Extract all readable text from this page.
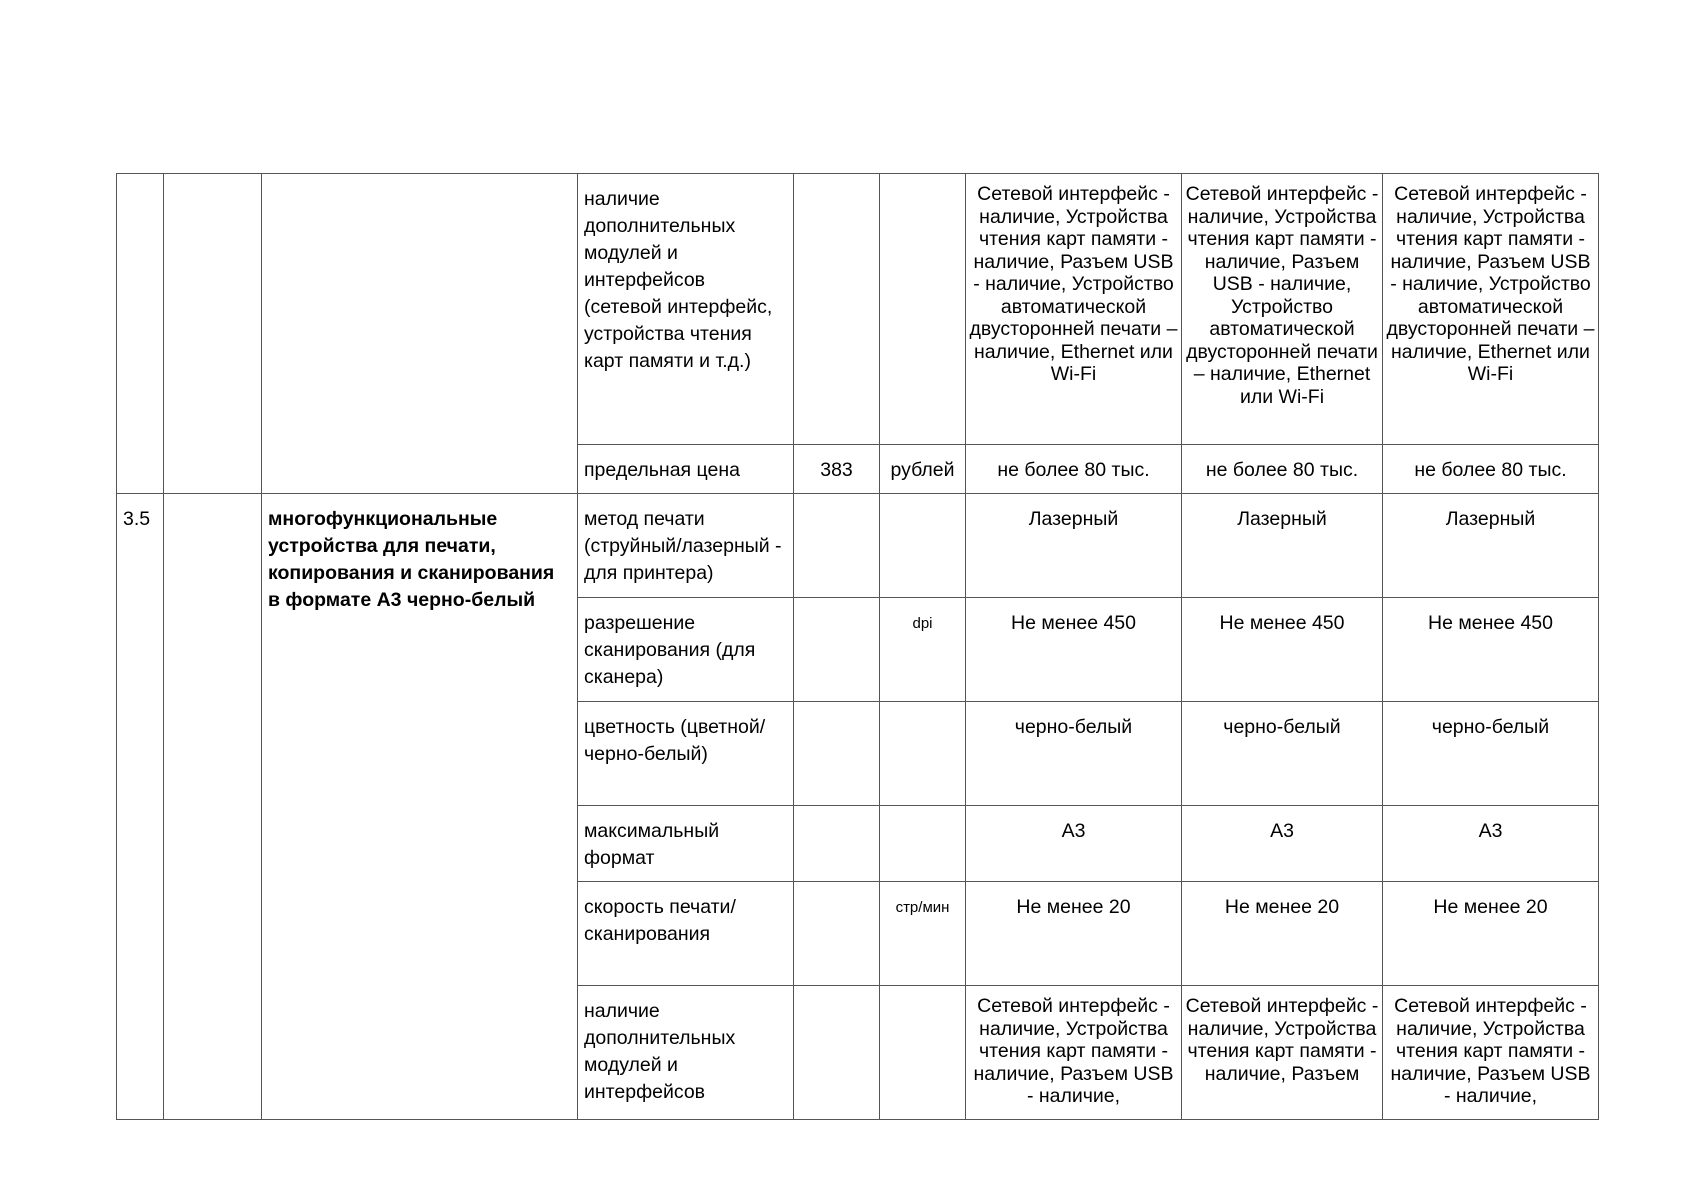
			наличие дополнительных модулей и интерфейсов (сетевой интерфейс, устройства чтения карт памяти и т.д.)			Сетевой интерфейс - наличие, Устройства чтения карт памяти - наличие, Разъем USB - наличие, Устройство автоматической двусторонней печати – наличие, Ethernet или Wi-Fi	Сетевой интерфейс - наличие, Устройства чтения карт памяти - наличие, Разъем USB - наличие, Устройство автоматической двусторонней печати – наличие, Ethernet или Wi-Fi	Сетевой интерфейс - наличие, Устройства чтения карт памяти - наличие, Разъем USB - наличие, Устройство автоматической двусторонней печати – наличие, Ethernet или Wi-Fi
			предельная цена	383	рублей	не более 80 тыс.	не более 80 тыс.	не более 80 тыс.
3.5		многофункциональные устройства для печати, копирования и сканирования в формате А3 черно-белый	метод печати (струйный/лазерный - для принтера)			Лазерный	Лазерный	Лазерный
			разрешение сканирования (для сканера)		dpi	Не менее 450	Не менее 450	Не менее 450
			цветность (цветной/черно-белый)			черно-белый	черно-белый	черно-белый
			максимальный формат			А3	А3	А3
			скорость печати/сканирования		стр/мин	Не менее 20	Не менее 20	Не менее 20
			наличие дополнительных модулей и интерфейсов			Сетевой интерфейс - наличие, Устройства чтения карт памяти - наличие, Разъем USB - наличие,	Сетевой интерфейс - наличие, Устройства чтения карт памяти - наличие, Разъем	Сетевой интерфейс - наличие, Устройства чтения карт памяти - наличие, Разъем USB - наличие,
